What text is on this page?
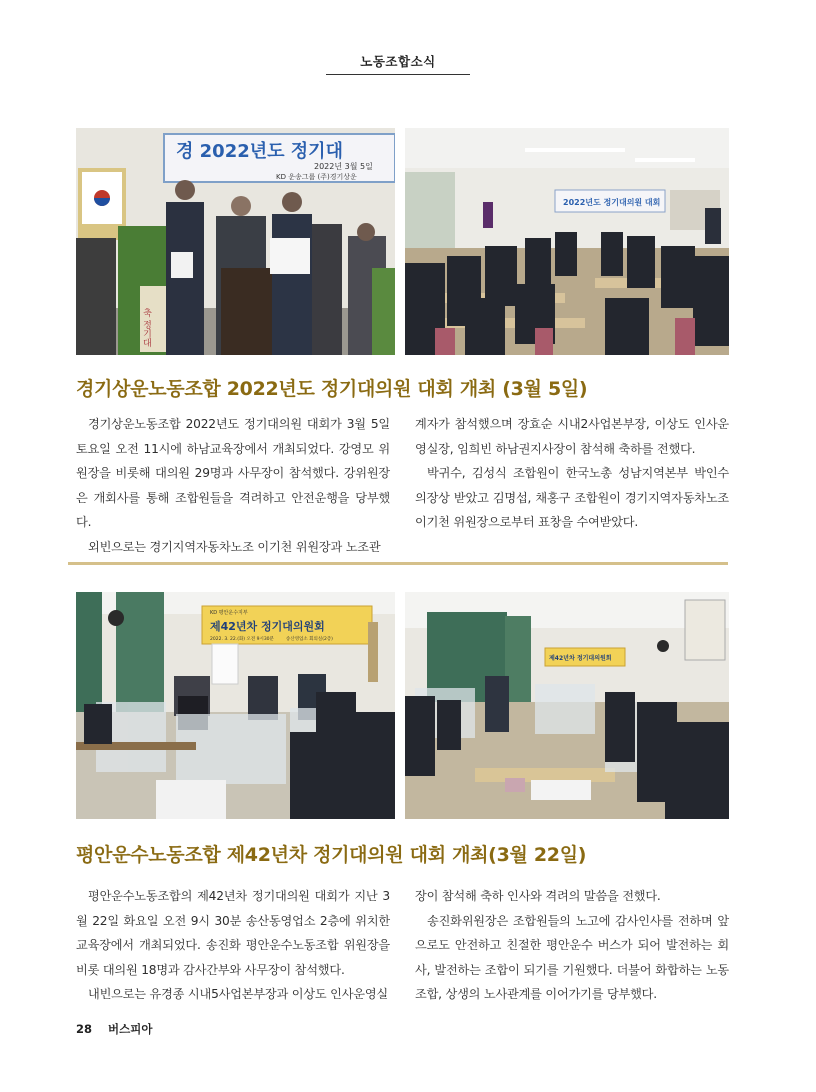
노동조합소식
경 2022년도 정기대
2022년 3월 5일
KD 운송그룹 (주)경기상운
축 정기대
2022년도 정기대의원 대회
경기상운노동조합 2022년도 정기대의원 대회 개최 (3월 5일)

경기상운노동조합 2022년도 정기대의원 대회가 3월 5일 토요일 오전 11시에 하남교육장에서 개최되었다. 강영모 위원장을 비롯해 대의원 29명과 사무장이 참석했다. 강위원장은 개회사를 통해 조합원들을 격려하고 안전운행을 당부했다.

외빈으로는 경기지역자동차노조 이기천 위원장과 노조관

계자가 참석했으며 장효순 시내2사업본부장, 이상도 인사운영실장, 임희빈 하남권지사장이 참석해 축하를 전했다.

박귀수, 김성식 조합원이 한국노총 성남지역본부 박인수 의장상 받았고 김명섭, 채홍구 조합원이 경기지역자동차노조 이기천 위원장으로부터 표창을 수여받았다.

KD 평안운수지부
제42년차 정기대의원회
2022. 3. 22.(화) 오전 9시30분	송산영업소 회의실(2층)
제42년차 정기대의원회
평안운수노동조합 제42년차 정기대의원 대회 개최(3월 22일)

평안운수노동조합의 제42년차 정기대의원 대회가 지난 3월 22일 화요일 오전 9시 30분 송산동영업소 2층에 위치한 교육장에서 개최되었다. 송진화 평안운수노동조합 위원장을 비롯 대의원 18명과 감사간부와 사무장이 참석했다.

내빈으로는 유경종 시내5사업본부장과 이상도 인사운영실

장이 참석해 축하 인사와 격려의 말씀을 전했다.

송진화위원장은 조합원들의 노고에 감사인사를 전하며 앞으로도 안전하고 친절한 평안운수 버스가 되어 발전하는 회사, 발전하는 조합이 되기를 기원했다. 더불어 화합하는 노동조합, 상생의 노사관계를 이어가기를 당부했다.

28 버스피아
